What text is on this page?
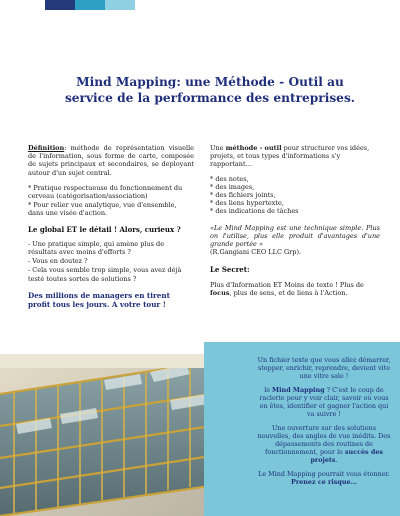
Mind Mapping: une Méthode - Outil au
service de la performance des entreprises.

Définition: méthode de représentation visuelle de l'information, sous forme de carte, composée de sujets principaux et secondaires, se deployant autour d'un sujet central.

* Pratique respectueuse du fonctionnement du cerveau (catégorisation/association)

* Pour relier vue analytique, vue d'ensemble, dans une visée d'action.

Le global ET le détail ! Alors, curieux ?

- Une pratique simple, qui amène plus de résultats avec moins d'efforts ?

- Vous en doutez ?

- Cela vous semble trop simple, vous avez déjà testé toutes sortes de solutions ?

Des millions de managers en tirent profit tous les jours. A votre tour !

Une méthode - outil pour structurer vos idées, projets, et tous types d'informations s'y rapportant…

* des notes,
* des images,
* des fichiers joints,
* des liens hypertexte,
* des indications de tâches

«Le Mind Mapping est une technique simple. Plus on l'utilise, plus elle produit d'avantages d'une grande portée »
(R.Gangiani CEO LLC Grp).

Le Secret:

Plus d'Information ET Moins de texte ! Plus de focus, plus de sens, et de liens à l'Action.

Un fichier texte que vous allez démarrer, stopper, enrichir, reprendre, devient vite une vitre sale !

le Mind Mapping ? C'est le coup de raclette pour y voir clair, savoir où vous en êtes, identifier et gagner l'action qui va suivre !

Une ouverture sur des solutions nouvelles, des angles de vue inédits. Des dépassements des routines de fonctionnement, pour le succès des projets.

Le Mind Mapping pourrait vous étonner. Prenez ce risque…
